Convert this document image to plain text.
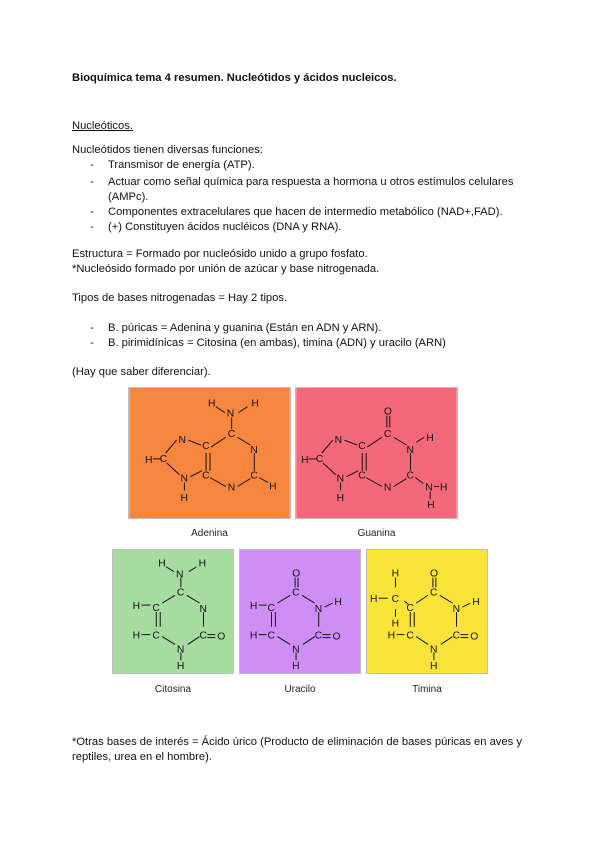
Bioquímica tema 4 resumen. Nucleótidos y ácidos nucleicos.
Nucleóticos.
Nucleótidos tienen diversas funciones:
- Transmisor de energía (ATP).
- Actuar como señal química para respuesta a hormona u otros estímulos celulares
(AMPc).
- Componentes extracelulares que hacen de intermedio metabólico (NAD+,FAD).
- (+) Constituyen ácidos nucléicos (DNA y RNA).
Estructura = Formado por nucleósido unido a grupo fosfato.
*Nucleósido formado por unión de azúcar y base nitrogenada.
Tipos de bases nitrogenadas = Hay 2 tipos.
- B. púricas = Adenina y guanina (Están en ADN y ARN).
- B. pirimidínicas = Citosina (en ambas), timina (ADN) y uracilo (ARN)
(Hay que saber diferenciar).
H
N
H
C
N
C
N
C
C
N
C
H
N
H
H
Adenina
O
C
N
H
C
N
C
C
N
C
H
N
H
N
H
H
Guanina
H
N
H
C
N
C O
N
H
C
C
H
H
Citosina
O
C
N
H
C O
N
H
C
C
H
H
Uracilo
O
C
N
H
C O
N
H
C
C
H
C
H
H
H
Timina
*Otras bases de interés = Ácido úrico (Producto de eliminación de bases púricas en aves y
reptiles, urea en el hombre).
